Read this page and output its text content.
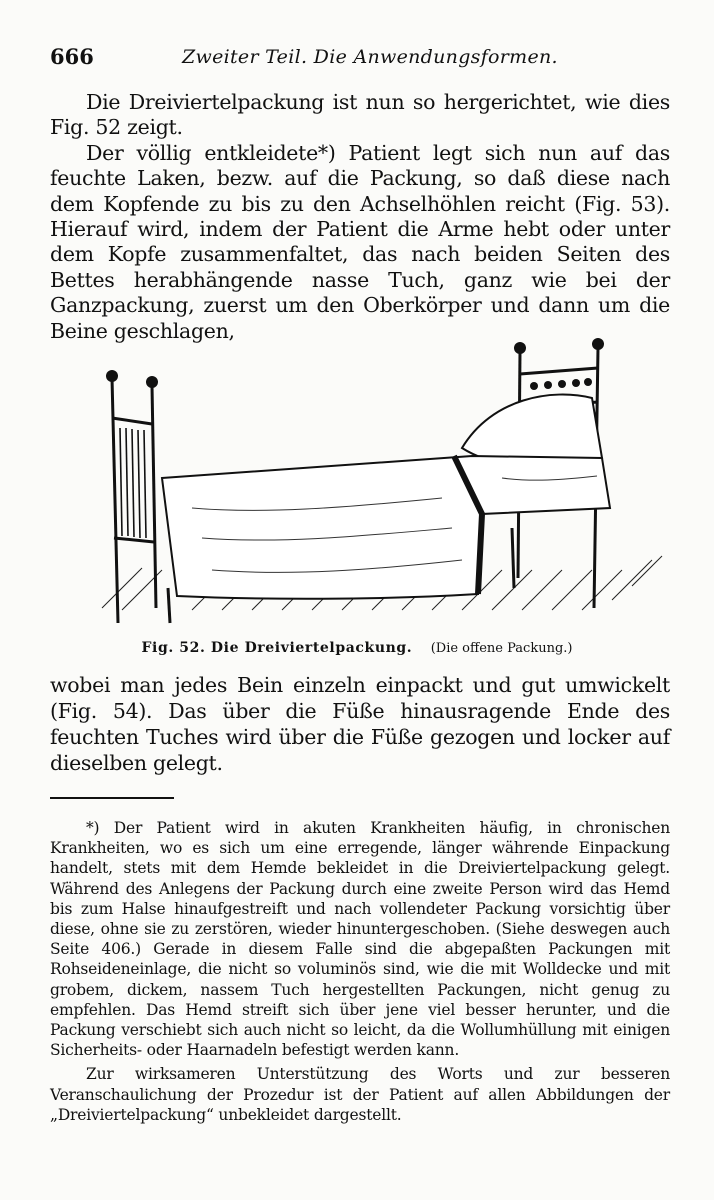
666	Zweiter Teil. Die Anwendungsformen.

Die Dreiviertelpackung ist nun so hergerichtet, wie dies Fig. 52 zeigt.

Der völlig entkleidete*) Patient legt sich nun auf das feuchte Laken, bezw. auf die Packung, so daß diese nach dem Kopfende zu bis zu den Achselhöhlen reicht (Fig. 53). Hierauf wird, indem der Patient die Arme hebt oder unter dem Kopfe zusammenfaltet, das nach beiden Seiten des Bettes herabhängende nasse Tuch, ganz wie bei der Ganzpackung, zuerst um den Oberkörper und dann um die Beine geschlagen,

Fig. 52. Die Dreiviertelpackung. (Die offene Packung.)

wobei man jedes Bein einzeln einpackt und gut umwickelt (Fig. 54). Das über die Füße hinausragende Ende des feuchten Tuches wird über die Füße gezogen und locker auf dieselben gelegt.

*) Der Patient wird in akuten Krankheiten häufig, in chronischen Krankheiten, wo es sich um eine erregende, länger währende Einpackung handelt, stets mit dem Hemde bekleidet in die Dreiviertelpackung gelegt. Während des Anlegens der Packung durch eine zweite Person wird das Hemd bis zum Halse hinaufgestreift und nach vollendeter Packung vorsichtig über diese, ohne sie zu zerstören, wieder hinuntergeschoben. (Siehe deswegen auch Seite 406.) Gerade in diesem Falle sind die abgepaßten Packungen mit Rohseideneinlage, die nicht so voluminös sind, wie die mit Wolldecke und mit grobem, dickem, nassem Tuch hergestellten Packungen, nicht genug zu empfehlen. Das Hemd streift sich über jene viel besser herunter, und die Packung verschiebt sich auch nicht so leicht, da die Wollumhüllung mit einigen Sicherheits- oder Haarnadeln befestigt werden kann.

Zur wirksameren Unterstützung des Worts und zur besseren Veranschaulichung der Prozedur ist der Patient auf allen Abbildungen der „Dreiviertelpackung“ unbekleidet dargestellt.
